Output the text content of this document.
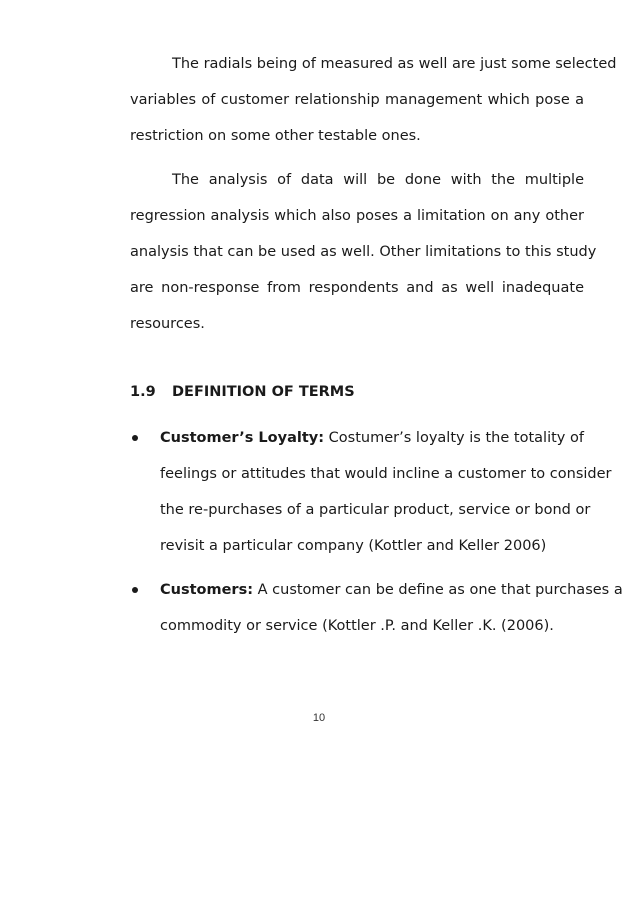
The radials being of measured as well are just some selected
variables of customer relationship management which pose a
restriction on some other testable ones.
The analysis of data will be done with the multiple
regression analysis which also poses a limitation on any other
analysis that can be used as well. Other limitations to this study
are non-response from respondents and as well inadequate
resources.
1.9 DEFINITION OF TERMS
Customer’s Loyalty: Costumer’s loyalty is the totality of
feelings or attitudes that would incline a customer to consider
the re-purchases of a particular product, service or bond or
revisit a particular company (Kottler and Keller 2006)
Customers: A customer can be define as one that purchases a
commodity or service (Kottler .P. and Keller .K. (2006).
10
